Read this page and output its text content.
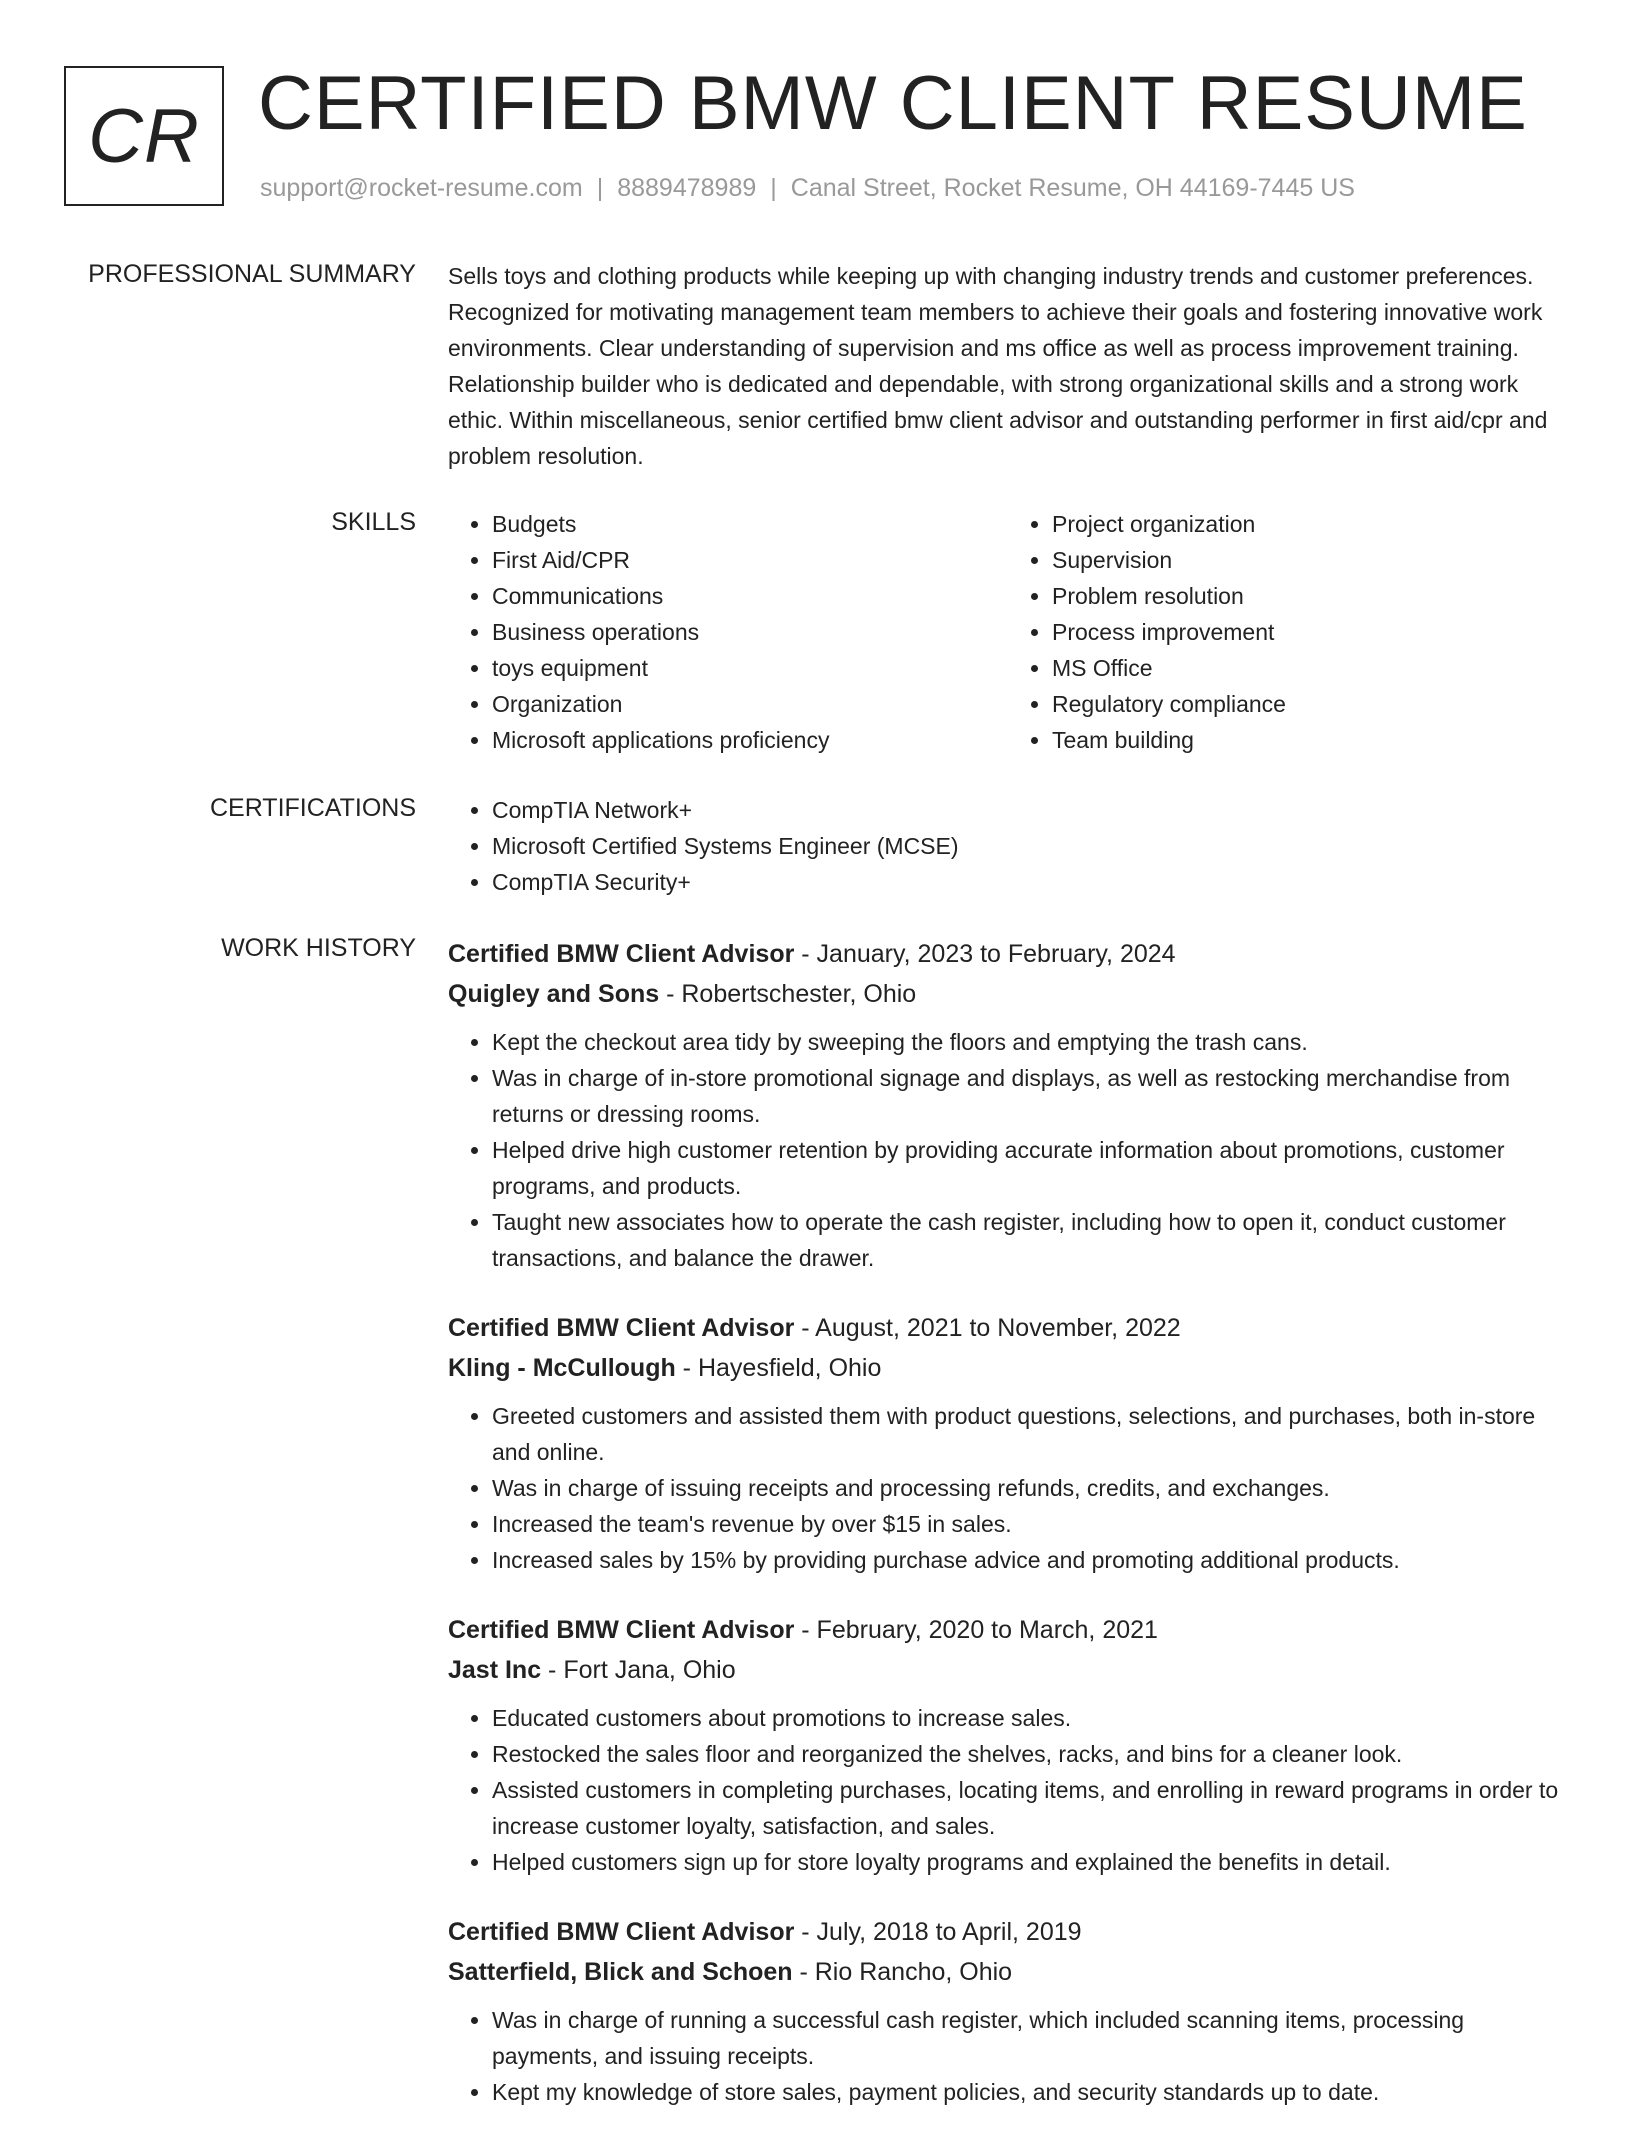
CR CERTIFIED BMW CLIENT RESUME
support@rocket-resume.com | 8889478989 | Canal Street, Rocket Resume, OH 44169-7445 US
PROFESSIONAL SUMMARY Sells toys and clothing products while keeping up with changing industry trends and customer preferences. Recognized for motivating management team members to achieve their goals and fostering innovative work environments. Clear understanding of supervision and ms office as well as process improvement training. Relationship builder who is dedicated and dependable, with strong organizational skills and a strong work ethic. Within miscellaneous, senior certified bmw client advisor and outstanding performer in first aid/cpr and problem resolution.

SKILLS	• Budgets
• First Aid/CPR
• Communications
• Business operations
• toys equipment
• Organization
• Microsoft applications proficiency
• Project organization
• Supervision
• Problem resolution
• Process improvement
• MS Office
• Regulatory compliance
• Team building
CERTIFICATIONS	• CompTIA Network+
• Microsoft Certified Systems Engineer (MCSE)
• CompTIA Security+
WORK HISTORY Certified BMW Client Advisor - January, 2023 to February, 2024
Quigley and Sons - Robertschester, Ohio
• Kept the checkout area tidy by sweeping the floors and emptying the trash cans.
• Was in charge of in-store promotional signage and displays, as well as restocking merchandise from returns or dressing rooms.
• Helped drive high customer retention by providing accurate information about promotions, customer programs, and products.
• Taught new associates how to operate the cash register, including how to open it, conduct customer transactions, and balance the drawer.
Certified BMW Client Advisor - August, 2021 to November, 2022
Kling - McCullough - Hayesfield, Ohio
• Greeted customers and assisted them with product questions, selections, and purchases, both in-store and online.
• Was in charge of issuing receipts and processing refunds, credits, and exchanges.
• Increased the team's revenue by over $15 in sales.
• Increased sales by 15% by providing purchase advice and promoting additional products.
Certified BMW Client Advisor - February, 2020 to March, 2021
Jast Inc - Fort Jana, Ohio
• Educated customers about promotions to increase sales.
• Restocked the sales floor and reorganized the shelves, racks, and bins for a cleaner look.
• Assisted customers in completing purchases, locating items, and enrolling in reward programs in order to increase customer loyalty, satisfaction, and sales.
• Helped customers sign up for store loyalty programs and explained the benefits in detail.
Certified BMW Client Advisor - July, 2018 to April, 2019
Satterfield, Blick and Schoen - Rio Rancho, Ohio
• Was in charge of running a successful cash register, which included scanning items, processing payments, and issuing receipts.
• Kept my knowledge of store sales, payment policies, and security standards up to date.
